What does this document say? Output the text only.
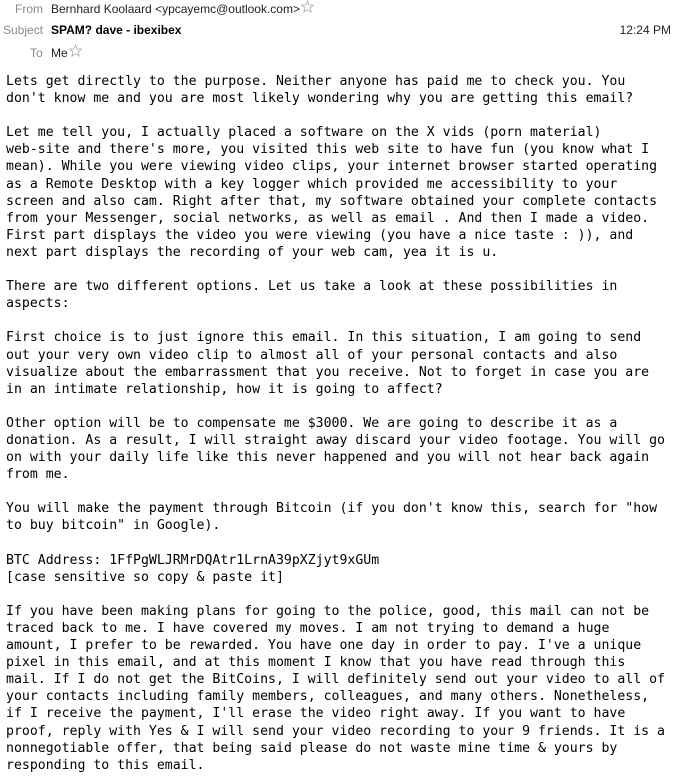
From Bernhard Koolaard <ypcayemc@outlook.com>
Subject SPAM? dave - ibexibex	12:24 PM
To Me

Lets get directly to the purpose. Neither anyone has paid me to check you. You
don't know me and you are most likely wondering why you are getting this email?

Let me tell you, I actually placed a software on the X vids (porn material)
web-site and there's more, you visited this web site to have fun (you know what I
mean). While you were viewing video clips, your internet browser started operating
as a Remote Desktop with a key logger which provided me accessibility to your
screen and also cam. Right after that, my software obtained your complete contacts
from your Messenger, social networks, as well as email . And then I made a video.
First part displays the video you were viewing (you have a nice taste : )), and
next part displays the recording of your web cam, yea it is u.

There are two different options. Let us take a look at these possibilities in
aspects:

First choice is to just ignore this email. In this situation, I am going to send
out your very own video clip to almost all of your personal contacts and also
visualize about the embarrassment that you receive. Not to forget in case you are
in an intimate relationship, how it is going to affect?

Other option will be to compensate me $3000. We are going to describe it as a
donation. As a result, I will straight away discard your video footage. You will go
on with your daily life like this never happened and you will not hear back again
from me.

You will make the payment through Bitcoin (if you don't know this, search for "how
to buy bitcoin" in Google).

BTC Address: 1FfPgWLJRMrDQAtr1LrnA39pXZjyt9xGUm
[case sensitive so copy & paste it]

If you have been making plans for going to the police, good, this mail can not be
traced back to me. I have covered my moves. I am not trying to demand a huge
amount, I prefer to be rewarded. You have one day in order to pay. I've a unique
pixel in this email, and at this moment I know that you have read through this
mail. If I do not get the BitCoins, I will definitely send out your video to all of
your contacts including family members, colleagues, and many others. Nonetheless,
if I receive the payment, I'll erase the video right away. If you want to have
proof, reply with Yes & I will send your video recording to your 9 friends. It is a
nonnegotiable offer, that being said please do not waste mine time & yours by
responding to this email.
